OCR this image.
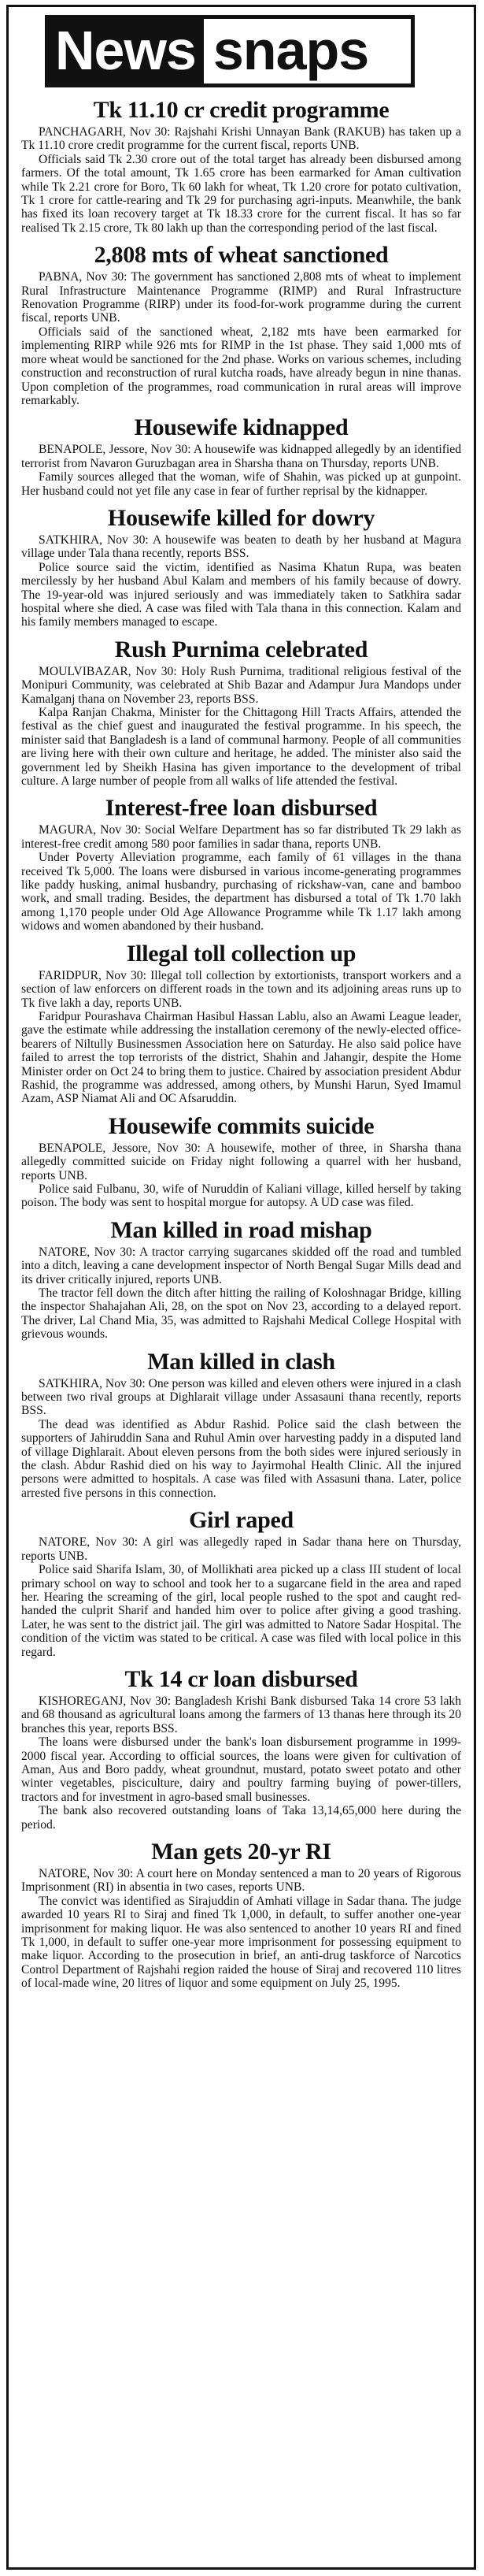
News snaps
Tk 11.10 cr credit programme

PANCHAGARH, Nov 30: Rajshahi Krishi Unnayan Bank (RAKUB) has taken up a Tk 11.10 crore credit programme for the current fiscal, reports UNB.

Officials said Tk 2.30 crore out of the total target has already been disbursed among farmers. Of the total amount, Tk 1.65 crore has been earmarked for Aman cultivation while Tk 2.21 crore for Boro, Tk 60 lakh for wheat, Tk 1.20 crore for potato cultivation, Tk 1 crore for cattle-rearing and Tk 29 for purchasing agri-inputs. Meanwhile, the bank has fixed its loan recovery target at Tk 18.33 crore for the current fiscal. It has so far realised Tk 2.15 crore, Tk 80 lakh up than the corresponding period of the last fiscal.

2,808 mts of wheat sanctioned

PABNA, Nov 30: The government has sanctioned 2,808 mts of wheat to implement Rural Infrastructure Maintenance Programme (RIMP) and Rural Infrastructure Renovation Programme (RIRP) under its food-for-work programme during the current fiscal, reports UNB.

Officials said of the sanctioned wheat, 2,182 mts have been earmarked for implementing RIRP while 926 mts for RIMP in the 1st phase. They said 1,000 mts of more wheat would be sanctioned for the 2nd phase. Works on various schemes, including construction and reconstruction of rural kutcha roads, have already begun in nine thanas. Upon completion of the programmes, road communication in rural areas will improve remarkably.

Housewife kidnapped

BENAPOLE, Jessore, Nov 30: A housewife was kidnapped allegedly by an identified terrorist from Navaron Guruzbagan area in Sharsha thana on Thursday, reports UNB.

Family sources alleged that the woman, wife of Shahin, was picked up at gunpoint. Her husband could not yet file any case in fear of further reprisal by the kidnapper.

Housewife killed for dowry

SATKHIRA, Nov 30: A housewife was beaten to death by her husband at Magura village under Tala thana recently, reports BSS.

Police source said the victim, identified as Nasima Khatun Rupa, was beaten mercilessly by her husband Abul Kalam and members of his family because of dowry. The 19-year-old was injured seriously and was immediately taken to Satkhira sadar hospital where she died. A case was filed with Tala thana in this connection. Kalam and his family members managed to escape.

Rush Purnima celebrated

MOULVIBAZAR, Nov 30: Holy Rush Purnima, traditional religious festival of the Monipuri Community, was celebrated at Shib Bazar and Adampur Jura Mandops under Kamalganj thana on November 23, reports BSS.

Kalpa Ranjan Chakma, Minister for the Chittagong Hill Tracts Affairs, attended the festival as the chief guest and inaugurated the festival programme. In his speech, the minister said that Bangladesh is a land of communal harmony. People of all communities are living here with their own culture and heritage, he added. The minister also said the government led by Sheikh Hasina has given importance to the development of tribal culture. A large number of people from all walks of life attended the festival.

Interest-free loan disbursed

MAGURA, Nov 30: Social Welfare Department has so far distributed Tk 29 lakh as interest-free credit among 580 poor families in sadar thana, reports UNB.

Under Poverty Alleviation programme, each family of 61 villages in the thana received Tk 5,000. The loans were disbursed in various income-generating programmes like paddy husking, animal husbandry, purchasing of rickshaw-van, cane and bamboo work, and small trading. Besides, the department has disbursed a total of Tk 1.70 lakh among 1,170 people under Old Age Allowance Programme while Tk 1.17 lakh among widows and women abandoned by their husband.

Illegal toll collection up

FARIDPUR, Nov 30: Illegal toll collection by extortionists, transport workers and a section of law enforcers on different roads in the town and its adjoining areas runs up to Tk five lakh a day, reports UNB.

Faridpur Pourashava Chairman Hasibul Hassan Lablu, also an Awami League leader, gave the estimate while addressing the installation ceremony of the newly-elected office-bearers of Niltully Businessmen Association here on Saturday. He also said police have failed to arrest the top terrorists of the district, Shahin and Jahangir, despite the Home Minister order on Oct 24 to bring them to justice. Chaired by association president Abdur Rashid, the programme was addressed, among others, by Munshi Harun, Syed Imamul Azam, ASP Niamat Ali and OC Afsaruddin.

Housewife commits suicide

BENAPOLE, Jessore, Nov 30: A housewife, mother of three, in Sharsha thana allegedly committed suicide on Friday night following a quarrel with her husband, reports UNB.

Police said Fulbanu, 30, wife of Nuruddin of Kaliani village, killed herself by taking poison. The body was sent to hospital morgue for autopsy. A UD case was filed.

Man killed in road mishap

NATORE, Nov 30: A tractor carrying sugarcanes skidded off the road and tumbled into a ditch, leaving a cane development inspector of North Bengal Sugar Mills dead and its driver critically injured, reports UNB.

The tractor fell down the ditch after hitting the railing of Koloshnagar Bridge, killing the inspector Shahajahan Ali, 28, on the spot on Nov 23, according to a delayed report. The driver, Lal Chand Mia, 35, was admitted to Rajshahi Medical College Hospital with grievous wounds.

Man killed in clash

SATKHIRA, Nov 30: One person was killed and eleven others were injured in a clash between two rival groups at Dighlarait village under Assasauni thana recently, reports BSS.

The dead was identified as Abdur Rashid. Police said the clash between the supporters of Jahiruddin Sana and Ruhul Amin over harvesting paddy in a disputed land of village Dighlarait. About eleven persons from the both sides were injured seriously in the clash. Abdur Rashid died on his way to Jayirmohal Health Clinic. All the injured persons were admitted to hospitals. A case was filed with Assasuni thana. Later, police arrested five persons in this connection.

Girl raped

NATORE, Nov 30: A girl was allegedly raped in Sadar thana here on Thursday, reports UNB.

Police said Sharifa Islam, 30, of Mollikhati area picked up a class III student of local primary school on way to school and took her to a sugarcane field in the area and raped her. Hearing the screaming of the girl, local people rushed to the spot and caught red-handed the culprit Sharif and handed him over to police after giving a good trashing. Later, he was sent to the district jail. The girl was admitted to Natore Sadar Hospital. The condition of the victim was stated to be critical. A case was filed with local police in this regard.

Tk 14 cr loan disbursed

KISHOREGANJ, Nov 30: Bangladesh Krishi Bank disbursed Taka 14 crore 53 lakh and 68 thousand as agricultural loans among the farmers of 13 thanas here through its 20 branches this year, reports BSS.

The loans were disbursed under the bank's loan disbursement programme in 1999-2000 fiscal year. According to official sources, the loans were given for cultivation of Aman, Aus and Boro paddy, wheat groundnut, mustard, potato sweet potato and other winter vegetables, pisciculture, dairy and poultry farming buying of power-tillers, tractors and for investment in agro-based small businesses.

The bank also recovered outstanding loans of Taka 13,14,65,000 here during the period.

Man gets 20-yr RI

NATORE, Nov 30: A court here on Monday sentenced a man to 20 years of Rigorous Imprisonment (RI) in absentia in two cases, reports UNB.

The convict was identified as Sirajuddin of Amhati village in Sadar thana. The judge awarded 10 years RI to Siraj and fined Tk 1,000, in default, to suffer another one-year imprisonment for making liquor. He was also sentenced to another 10 years RI and fined Tk 1,000, in default to suffer one-year more imprisonment for possessing equipment to make liquor. According to the prosecution in brief, an anti-drug taskforce of Narcotics Control Department of Rajshahi region raided the house of Siraj and recovered 110 litres of local-made wine, 20 litres of liquor and some equipment on July 25, 1995.
